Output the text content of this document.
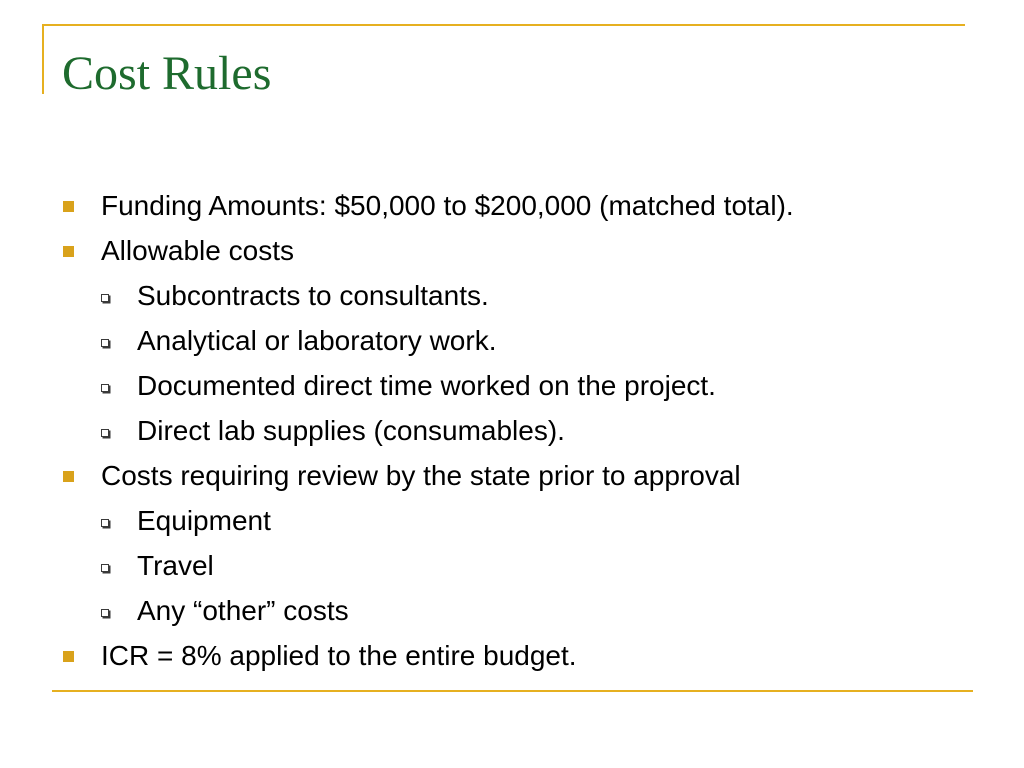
Cost Rules
Funding Amounts: $50,000 to $200,000 (matched total).
Allowable costs
Subcontracts to consultants.
Analytical or laboratory work.
Documented direct time worked on the project.
Direct lab supplies (consumables).
Costs requiring review by the state prior to approval
Equipment
Travel
Any “other” costs
ICR = 8% applied to the entire budget.
